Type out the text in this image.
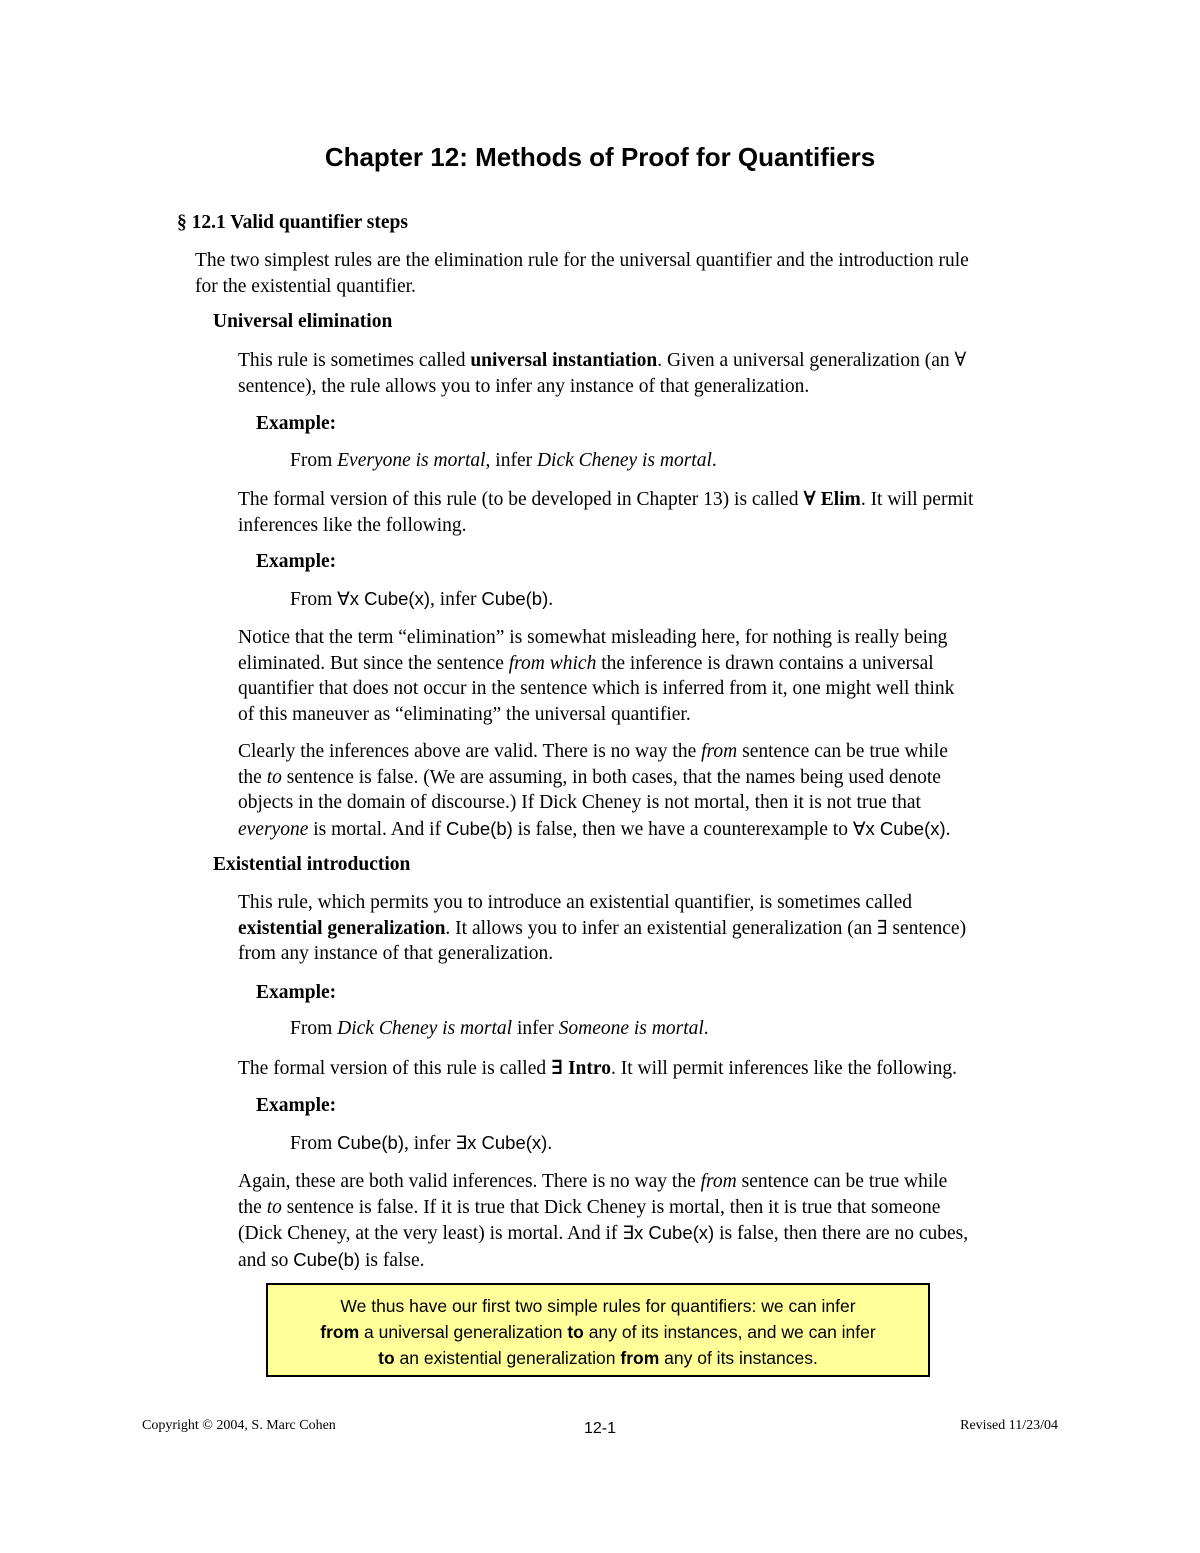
Chapter 12: Methods of Proof for Quantifiers
§ 12.1 Valid quantifier steps
The two simplest rules are the elimination rule for the universal quantifier and the introduction rule
for the existential quantifier.
Universal elimination
This rule is sometimes called universal instantiation. Given a universal generalization (an ∀
sentence), the rule allows you to infer any instance of that generalization.
Example:
From Everyone is mortal, infer Dick Cheney is mortal.
The formal version of this rule (to be developed in Chapter 13) is called ∀ Elim. It will permit
inferences like the following.
Example:
From ∀x Cube(x), infer Cube(b).
Notice that the term “elimination” is somewhat misleading here, for nothing is really being
eliminated. But since the sentence from which the inference is drawn contains a universal
quantifier that does not occur in the sentence which is inferred from it, one might well think
of this maneuver as “eliminating” the universal quantifier.
Clearly the inferences above are valid. There is no way the from sentence can be true while
the to sentence is false. (We are assuming, in both cases, that the names being used denote
objects in the domain of discourse.) If Dick Cheney is not mortal, then it is not true that
everyone is mortal. And if Cube(b) is false, then we have a counterexample to ∀x Cube(x).
Existential introduction
This rule, which permits you to introduce an existential quantifier, is sometimes called
existential generalization. It allows you to infer an existential generalization (an ∃ sentence)
from any instance of that generalization.
Example:
From Dick Cheney is mortal infer Someone is mortal.
The formal version of this rule is called ∃ Intro. It will permit inferences like the following.
Example:
From Cube(b), infer ∃x Cube(x).
Again, these are both valid inferences. There is no way the from sentence can be true while
the to sentence is false. If it is true that Dick Cheney is mortal, then it is true that someone
(Dick Cheney, at the very least) is mortal. And if ∃x Cube(x) is false, then there are no cubes,
and so Cube(b) is false.
We thus have our first two simple rules for quantifiers: we can infer
from a universal generalization to any of its instances, and we can infer
to an existential generalization from any of its instances.
Copyright © 2004, S. Marc Cohen	12-1	Revised 11/23/04
